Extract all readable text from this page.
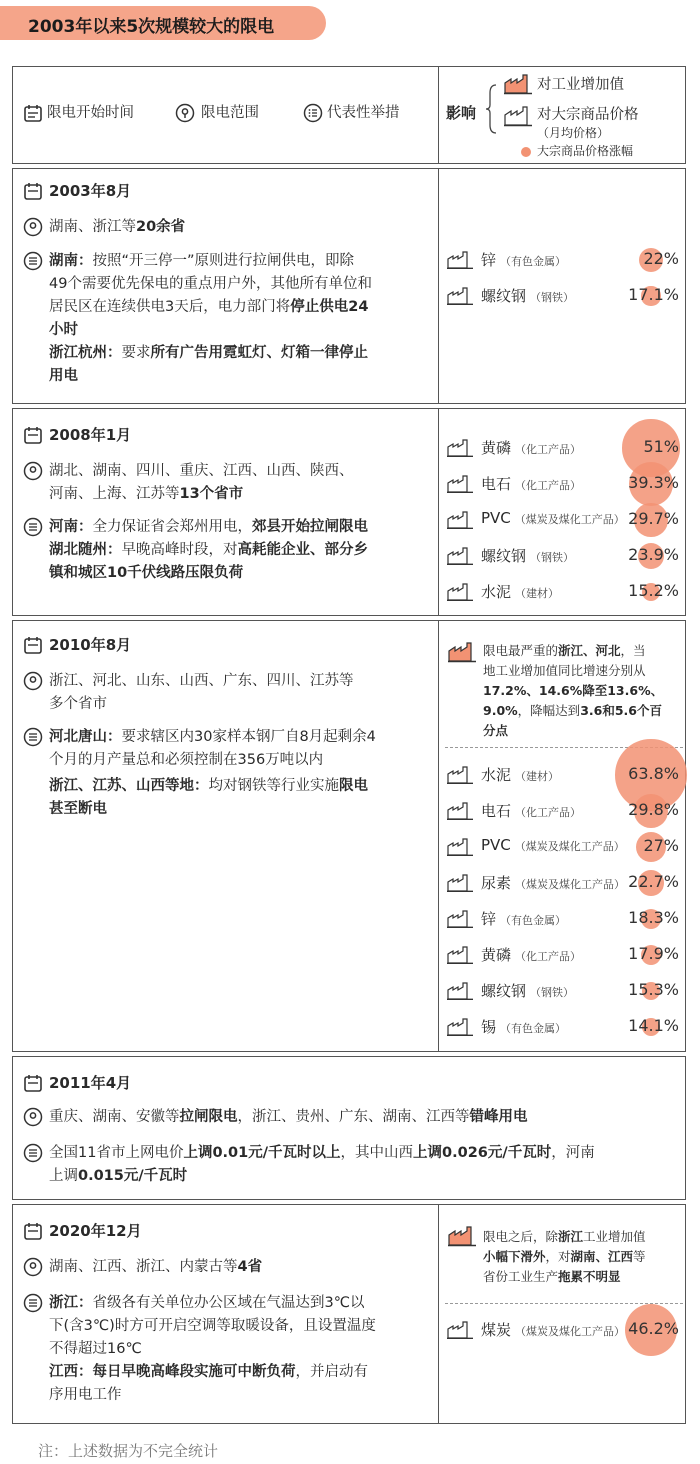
2003年以来5次规模较大的限电
限电开始时间	限电范围	代表性举措	影响
对工业增加值
对大宗商品价格
（月均价格）
大宗商品价格涨幅
2003年8月
湖南、浙江等20余省
湖南：按照“开三停一”原则进行拉闸供电，即除
49个需要优先保电的重点用户外，其他所有单位和
居民区在连续供电3天后，电力部门将停止供电24
小时
浙江杭州：要求所有广告用霓虹灯、灯箱一律停止
用电
锌 （有色金属）	22%
螺纹钢 （钢铁）	17.1%
2008年1月
湖北、湖南、四川、重庆、江西、山西、陕西、
河南、上海、江苏等13个省市
河南：全力保证省会郑州用电，郊县开始拉闸限电
湖北随州：早晚高峰时段，对高耗能企业、部分乡
镇和城区10千伏线路压限负荷
黄磷 （化工产品）	51%
电石 （化工产品）	39.3%
PVC （煤炭及煤化工产品） 29.7%
螺纹钢 （钢铁）	23.9%
水泥 （建材）	15.2%
2010年8月
浙江、河北、山东、山西、广东、四川、江苏等
多个省市
河北唐山：要求辖区内30家样本钢厂自8月起剩余4
个月的月产量总和必须控制在356万吨以内
浙江、江苏、山西等地：均对钢铁等行业实施限电
甚至断电
限电最严重的浙江、河北，当
地工业增加值同比增速分别从
17.2%、14.6%降至13.6%、
9.0%，降幅达到3.6和5.6个百
分点
水泥 （建材）	63.8%
电石 （化工产品）	29.8%
PVC （煤炭及煤化工产品） 27%
尿素 （煤炭及煤化工产品） 22.7%
锌 （有色金属）	18.3%
黄磷 （化工产品）	17.9%
螺纹钢 （钢铁）	15.3%
锡 （有色金属）	14.1%
2011年4月
重庆、湖南、安徽等拉闸限电，浙江、贵州、广东、湖南、江西等错峰用电
全国11省市上网电价上调0.01元/千瓦时以上，其中山西上调0.026元/千瓦时，河南
上调0.015元/千瓦时
2020年12月
湖南、江西、浙江、内蒙古等4省
浙江：省级各有关单位办公区域在气温达到3℃以
下(含3℃)时方可开启空调等取暖设备，且设置温度
不得超过16℃
江西：每日早晚高峰段实施可中断负荷，并启动有
序用电工作
限电之后，除浙江工业增加值
小幅下滑外，对湖南、江西等
省份工业生产拖累不明显
煤炭 （煤炭及煤化工产品） 46.2%
注：上述数据为不完全统计
